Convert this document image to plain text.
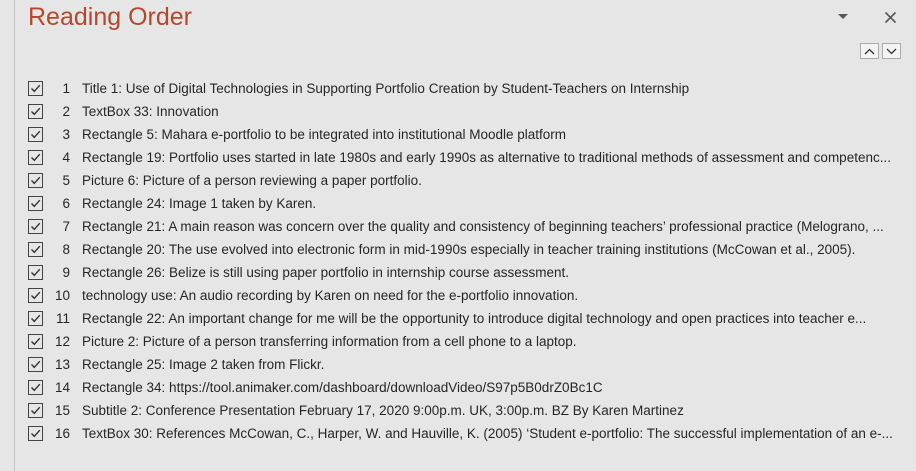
Reading Order
1 Title 1: Use of Digital Technologies in Supporting Portfolio Creation by Student-Teachers on Internship
2 TextBox 33: Innovation
3 Rectangle 5: Mahara e-portfolio to be integrated into institutional Moodle platform
4 Rectangle 19: Portfolio uses started in late 1980s and early 1990s as alternative to traditional methods of assessment and competenc...
5 Picture 6: Picture of a person reviewing a paper portfolio.
6 Rectangle 24: Image 1 taken by Karen.
7 Rectangle 21: A main reason was concern over the quality and consistency of beginning teachers’ professional practice (Melograno, ...
8 Rectangle 20: The use evolved into electronic form in mid-1990s especially in teacher training institutions (McCowan et al., 2005).
9 Rectangle 26: Belize is still using paper portfolio in internship course assessment.
10 technology use: An audio recording by Karen on need for the e-portfolio innovation.
11 Rectangle 22: An important change for me will be the opportunity to introduce digital technology and open practices into teacher e...
12 Picture 2: Picture of a person transferring information from a cell phone to a laptop.
13 Rectangle 25: Image 2 taken from Flickr.
14 Rectangle 34: https://tool.animaker.com/dashboard/downloadVideo/S97p5B0drZ0Bc1C
15 Subtitle 2: Conference Presentation February 17, 2020 9:00p.m. UK, 3:00p.m. BZ By Karen Martinez
16 TextBox 30: References McCowan, C., Harper, W. and Hauville, K. (2005) ‘Student e-portfolio: The successful implementation of an e-...
